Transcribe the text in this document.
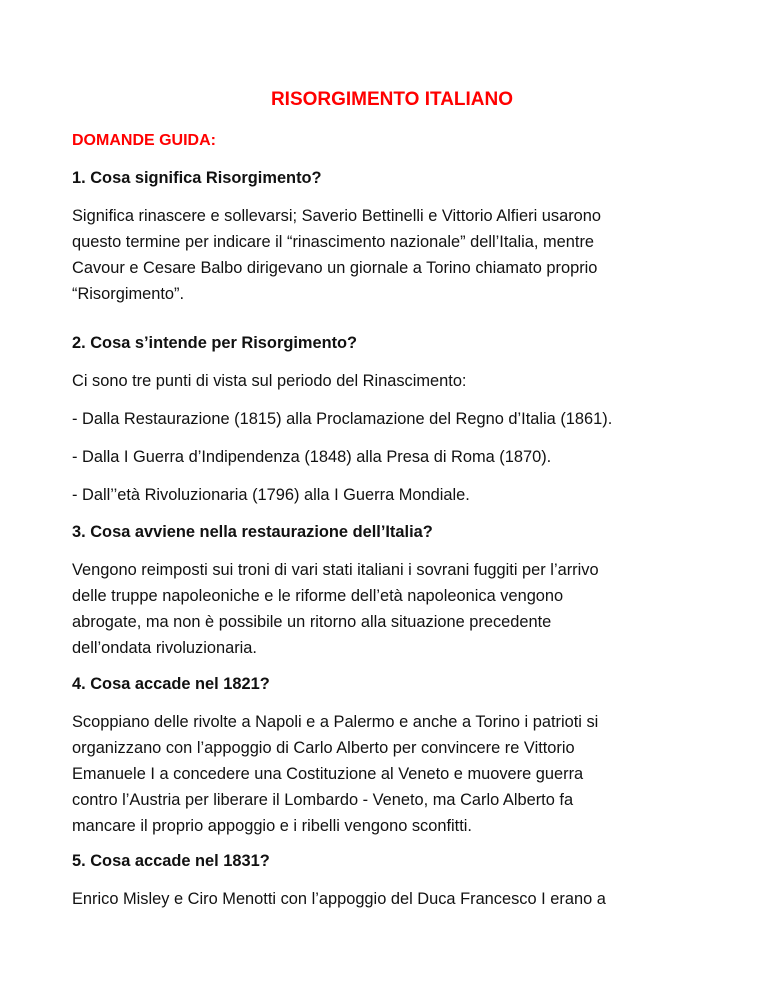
RISORGIMENTO ITALIANO
DOMANDE GUIDA:
1. Cosa significa Risorgimento?
Significa rinascere e sollevarsi; Saverio Bettinelli e Vittorio Alfieri usarono
questo termine per indicare il “rinascimento nazionale” dell’Italia, mentre
Cavour e Cesare Balbo dirigevano un giornale a Torino chiamato proprio
“Risorgimento”.
2. Cosa s’intende per Risorgimento?
Ci sono tre punti di vista sul periodo del Rinascimento:
- Dalla Restaurazione (1815) alla Proclamazione del Regno d’Italia (1861).
- Dalla I Guerra d’Indipendenza (1848) alla Presa di Roma (1870).
- Dall’’età Rivoluzionaria (1796) alla I Guerra Mondiale.
3. Cosa avviene nella restaurazione dell’Italia?
Vengono reimposti sui troni di vari stati italiani i sovrani fuggiti per l’arrivo
delle truppe napoleoniche e le riforme dell’età napoleonica vengono
abrogate, ma non è possibile un ritorno alla situazione precedente
dell’ondata rivoluzionaria.
4. Cosa accade nel 1821?
Scoppiano delle rivolte a Napoli e a Palermo e anche a Torino i patrioti si
organizzano con l’appoggio di Carlo Alberto per convincere re Vittorio
Emanuele I a concedere una Costituzione al Veneto e muovere guerra
contro l’Austria per liberare il Lombardo - Veneto, ma Carlo Alberto fa
mancare il proprio appoggio e i ribelli vengono sconfitti.
5. Cosa accade nel 1831?
Enrico Misley e Ciro Menotti con l’appoggio del Duca Francesco I erano a
